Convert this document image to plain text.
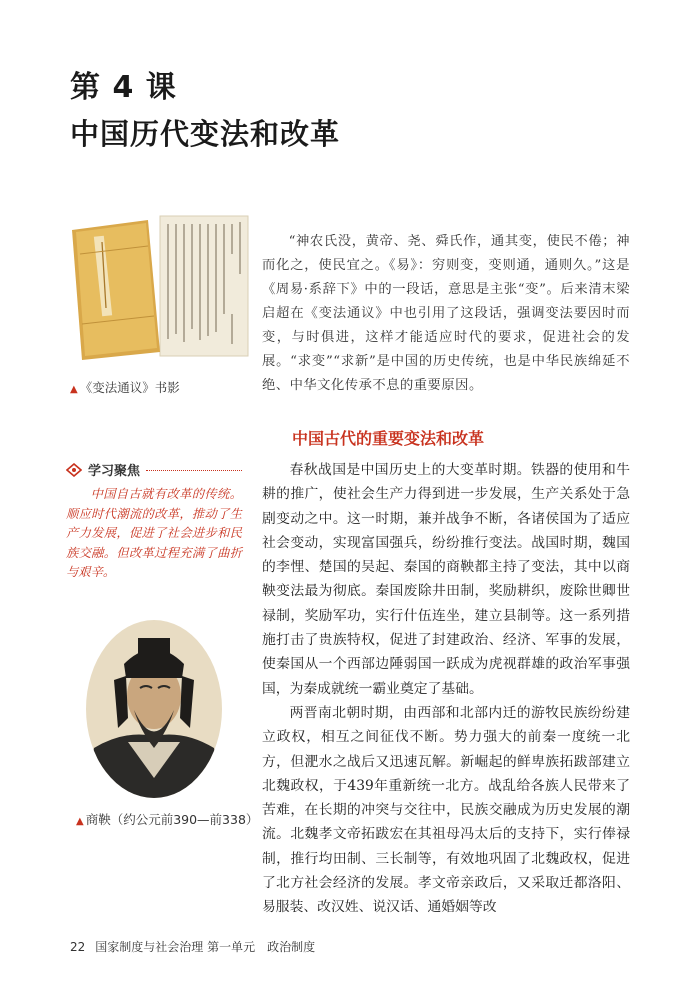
第 4 课
中国历代变法和改革
▲ 《变法通议》书影
“神农氏没，黄帝、尧、舜氏作，通其变，使民不倦；神而化之，使民宜之。《易》：穷则变，变则通，通则久。”这是《周易·系辞下》中的一段话，意思是主张“变”。后来清末梁启超在《变法通议》中也引用了这段话，强调变法要因时而变，与时俱进，这样才能适应时代的要求，促进社会的发展。“求变”“求新”是中国的历史传统，也是中华民族绵延不绝、中华文化传承不息的重要原因。
中国古代的重要变法和改革
学习聚焦
中国自古就有改革的传统。顺应时代潮流的改革，推动了生产力发展，促进了社会进步和民族交融。但改革过程充满了曲折与艰辛。
▲ 商鞅（约公元前390—前338）

春秋战国是中国历史上的大变革时期。铁器的使用和牛耕的推广，使社会生产力得到进一步发展，生产关系处于急剧变动之中。这一时期，兼并战争不断，各诸侯国为了适应社会变动，实现富国强兵，纷纷推行变法。战国时期，魏国的李悝、楚国的吴起、秦国的商鞅都主持了变法，其中以商鞅变法最为彻底。秦国废除井田制，奖励耕织，废除世卿世禄制，奖励军功，实行什伍连坐，建立县制等。这一系列措施打击了贵族特权，促进了封建政治、经济、军事的发展，使秦国从一个西部边陲弱国一跃成为虎视群雄的政治军事强国，为秦成就统一霸业奠定了基础。

两晋南北朝时期，由西部和北部内迁的游牧民族纷纷建立政权，相互之间征伐不断。势力强大的前秦一度统一北方，但淝水之战后又迅速瓦解。新崛起的鲜卑族拓跋部建立北魏政权，于439年重新统一北方。战乱给各族人民带来了苦难，在长期的冲突与交往中，民族交融成为历史发展的潮流。北魏孝文帝拓跋宏在其祖母冯太后的支持下，实行俸禄制，推行均田制、三长制等，有效地巩固了北魏政权，促进了北方社会经济的发展。孝文帝亲政后，又采取迁都洛阳、易服装、改汉姓、说汉话、通婚姻等改

22 国家制度与社会治理 第一单元　政治制度
